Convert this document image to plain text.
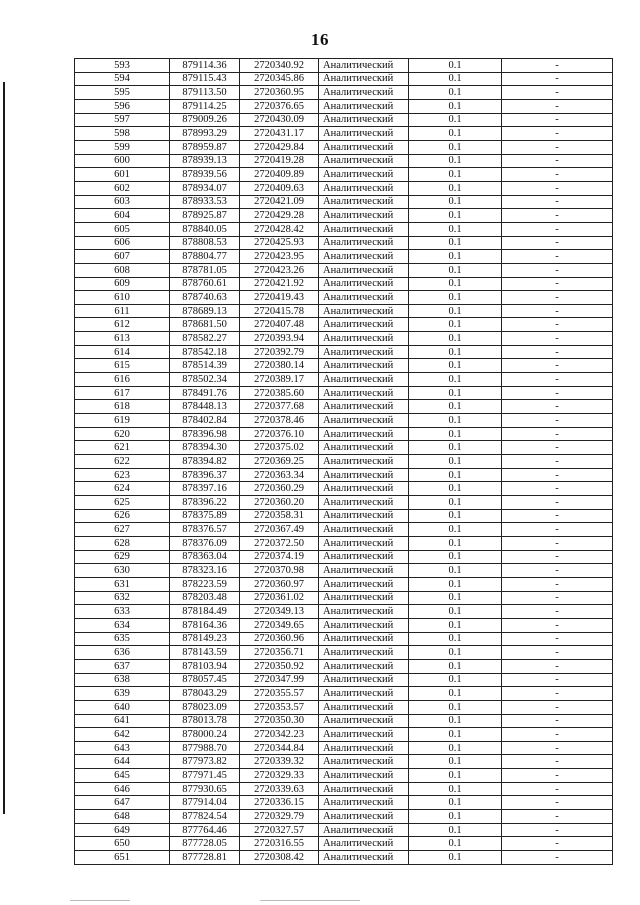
16
593	879114.36	2720340.92	Аналитический	0.1	-
594	879115.43	2720345.86	Аналитический	0.1	-
595	879113.50	2720360.95	Аналитический	0.1	-
596	879114.25	2720376.65	Аналитический	0.1	-
597	879009.26	2720430.09	Аналитический	0.1	-
598	878993.29	2720431.17	Аналитический	0.1	-
599	878959.87	2720429.84	Аналитический	0.1	-
600	878939.13	2720419.28	Аналитический	0.1	-
601	878939.56	2720409.89	Аналитический	0.1	-
602	878934.07	2720409.63	Аналитический	0.1	-
603	878933.53	2720421.09	Аналитический	0.1	-
604	878925.87	2720429.28	Аналитический	0.1	-
605	878840.05	2720428.42	Аналитический	0.1	-
606	878808.53	2720425.93	Аналитический	0.1	-
607	878804.77	2720423.95	Аналитический	0.1	-
608	878781.05	2720423.26	Аналитический	0.1	-
609	878760.61	2720421.92	Аналитический	0.1	-
610	878740.63	2720419.43	Аналитический	0.1	-
611	878689.13	2720415.78	Аналитический	0.1	-
612	878681.50	2720407.48	Аналитический	0.1	-
613	878582.27	2720393.94	Аналитический	0.1	-
614	878542.18	2720392.79	Аналитический	0.1	-
615	878514.39	2720380.14	Аналитический	0.1	-
616	878502.34	2720389.17	Аналитический	0.1	-
617	878491.76	2720385.60	Аналитический	0.1	-
618	878448.13	2720377.68	Аналитический	0.1	-
619	878402.84	2720378.46	Аналитический	0.1	-
620	878396.98	2720376.10	Аналитический	0.1	-
621	878394.30	2720375.02	Аналитический	0.1	-
622	878394.82	2720369.25	Аналитический	0.1	-
623	878396.37	2720363.34	Аналитический	0.1	-
624	878397.16	2720360.29	Аналитический	0.1	-
625	878396.22	2720360.20	Аналитический	0.1	-
626	878375.89	2720358.31	Аналитический	0.1	-
627	878376.57	2720367.49	Аналитический	0.1	-
628	878376.09	2720372.50	Аналитический	0.1	-
629	878363.04	2720374.19	Аналитический	0.1	-
630	878323.16	2720370.98	Аналитический	0.1	-
631	878223.59	2720360.97	Аналитический	0.1	-
632	878203.48	2720361.02	Аналитический	0.1	-
633	878184.49	2720349.13	Аналитический	0.1	-
634	878164.36	2720349.65	Аналитический	0.1	-
635	878149.23	2720360.96	Аналитический	0.1	-
636	878143.59	2720356.71	Аналитический	0.1	-
637	878103.94	2720350.92	Аналитический	0.1	-
638	878057.45	2720347.99	Аналитический	0.1	-
639	878043.29	2720355.57	Аналитический	0.1	-
640	878023.09	2720353.57	Аналитический	0.1	-
641	878013.78	2720350.30	Аналитический	0.1	-
642	878000.24	2720342.23	Аналитический	0.1	-
643	877988.70	2720344.84	Аналитический	0.1	-
644	877973.82	2720339.32	Аналитический	0.1	-
645	877971.45	2720329.33	Аналитический	0.1	-
646	877930.65	2720339.63	Аналитический	0.1	-
647	877914.04	2720336.15	Аналитический	0.1	-
648	877824.54	2720329.79	Аналитический	0.1	-
649	877764.46	2720327.57	Аналитический	0.1	-
650	877728.05	2720316.55	Аналитический	0.1	-
651	877728.81	2720308.42	Аналитический	0.1	-
